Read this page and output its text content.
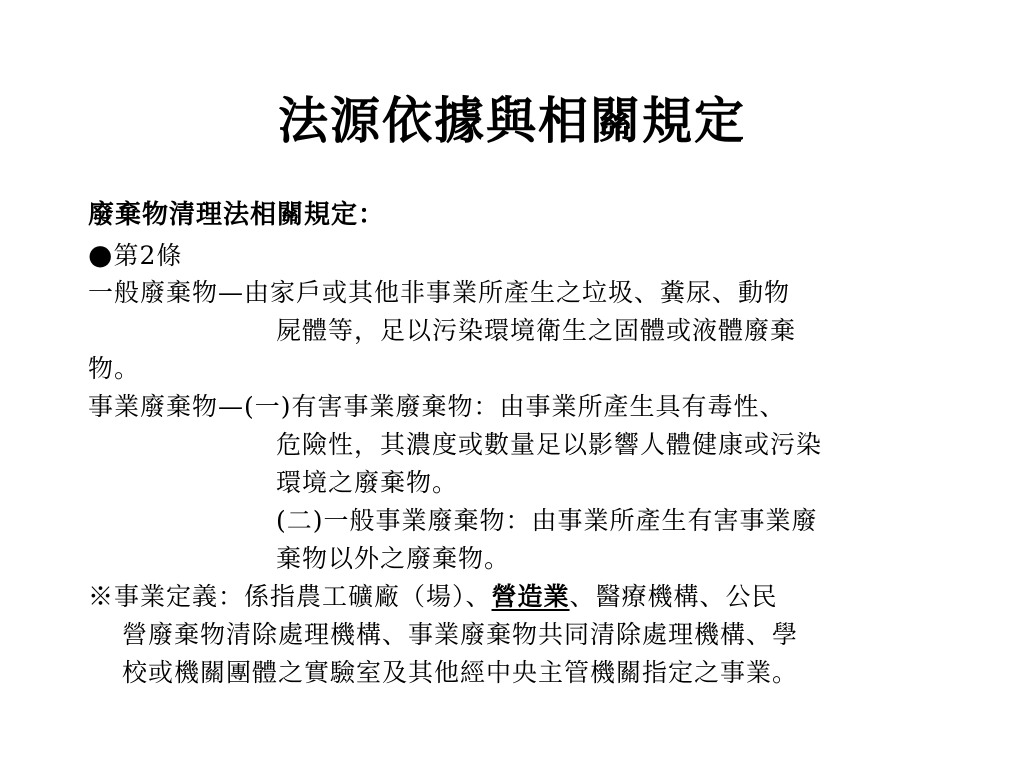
法源依據與相關規定
廢棄物清理法相關規定：
●第2條
一般廢棄物—由家戶或其他非事業所產生之垃圾、糞尿、動物
屍體等，足以污染環境衛生之固體或液體廢棄
物。
事業廢棄物—(一)有害事業廢棄物：由事業所產生具有毒性、
危險性，其濃度或數量足以影響人體健康或污染
環境之廢棄物。
(二)一般事業廢棄物：由事業所產生有害事業廢
棄物以外之廢棄物。
※事業定義：係指農工礦廠（場）、營造業、醫療機構、公民
營廢棄物清除處理機構、事業廢棄物共同清除處理機構、學
校或機關團體之實驗室及其他經中央主管機關指定之事業。
